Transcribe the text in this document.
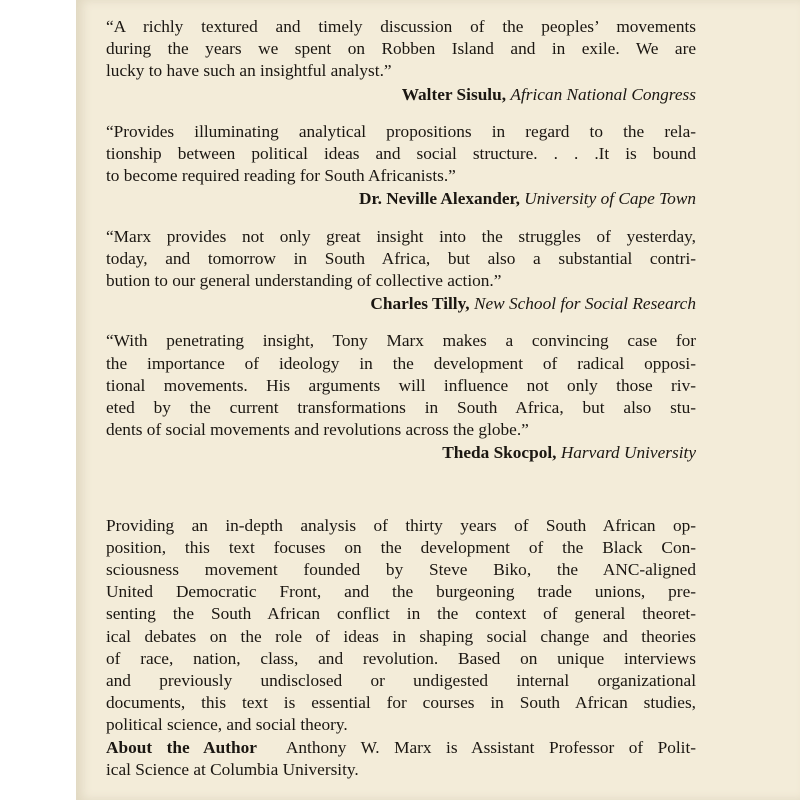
“A richly textured and timely discussion of the peoples’ movements
during the years we spent on Robben Island and in exile. We are
lucky to have such an insightful analyst.”
Walter Sisulu, African National Congress
“Provides illuminating analytical propositions in regard to the rela-
tionship between political ideas and social structure. . . .It is bound
to become required reading for South Africanists.”
Dr. Neville Alexander, University of Cape Town
“Marx provides not only great insight into the struggles of yesterday,
today, and tomorrow in South Africa, but also a substantial contri-
bution to our general understanding of collective action.”
Charles Tilly, New School for Social Research
“With penetrating insight, Tony Marx makes a convincing case for
the importance of ideology in the development of radical opposi-
tional movements. His arguments will influence not only those riv-
eted by the current transformations in South Africa, but also stu-
dents of social movements and revolutions across the globe.”
Theda Skocpol, Harvard University
Providing an in-depth analysis of thirty years of South African op-
position, this text focuses on the development of the Black Con-
sciousness movement founded by Steve Biko, the ANC-aligned
United Democratic Front, and the burgeoning trade unions, pre-
senting the South African conflict in the context of general theoret-
ical debates on the role of ideas in shaping social change and theories
of race, nation, class, and revolution. Based on unique interviews
and previously undisclosed or undigested internal organizational
documents, this text is essential for courses in South African studies,
political science, and social theory.
About the Author Anthony W. Marx is Assistant Professor of Polit-
ical Science at Columbia University.
